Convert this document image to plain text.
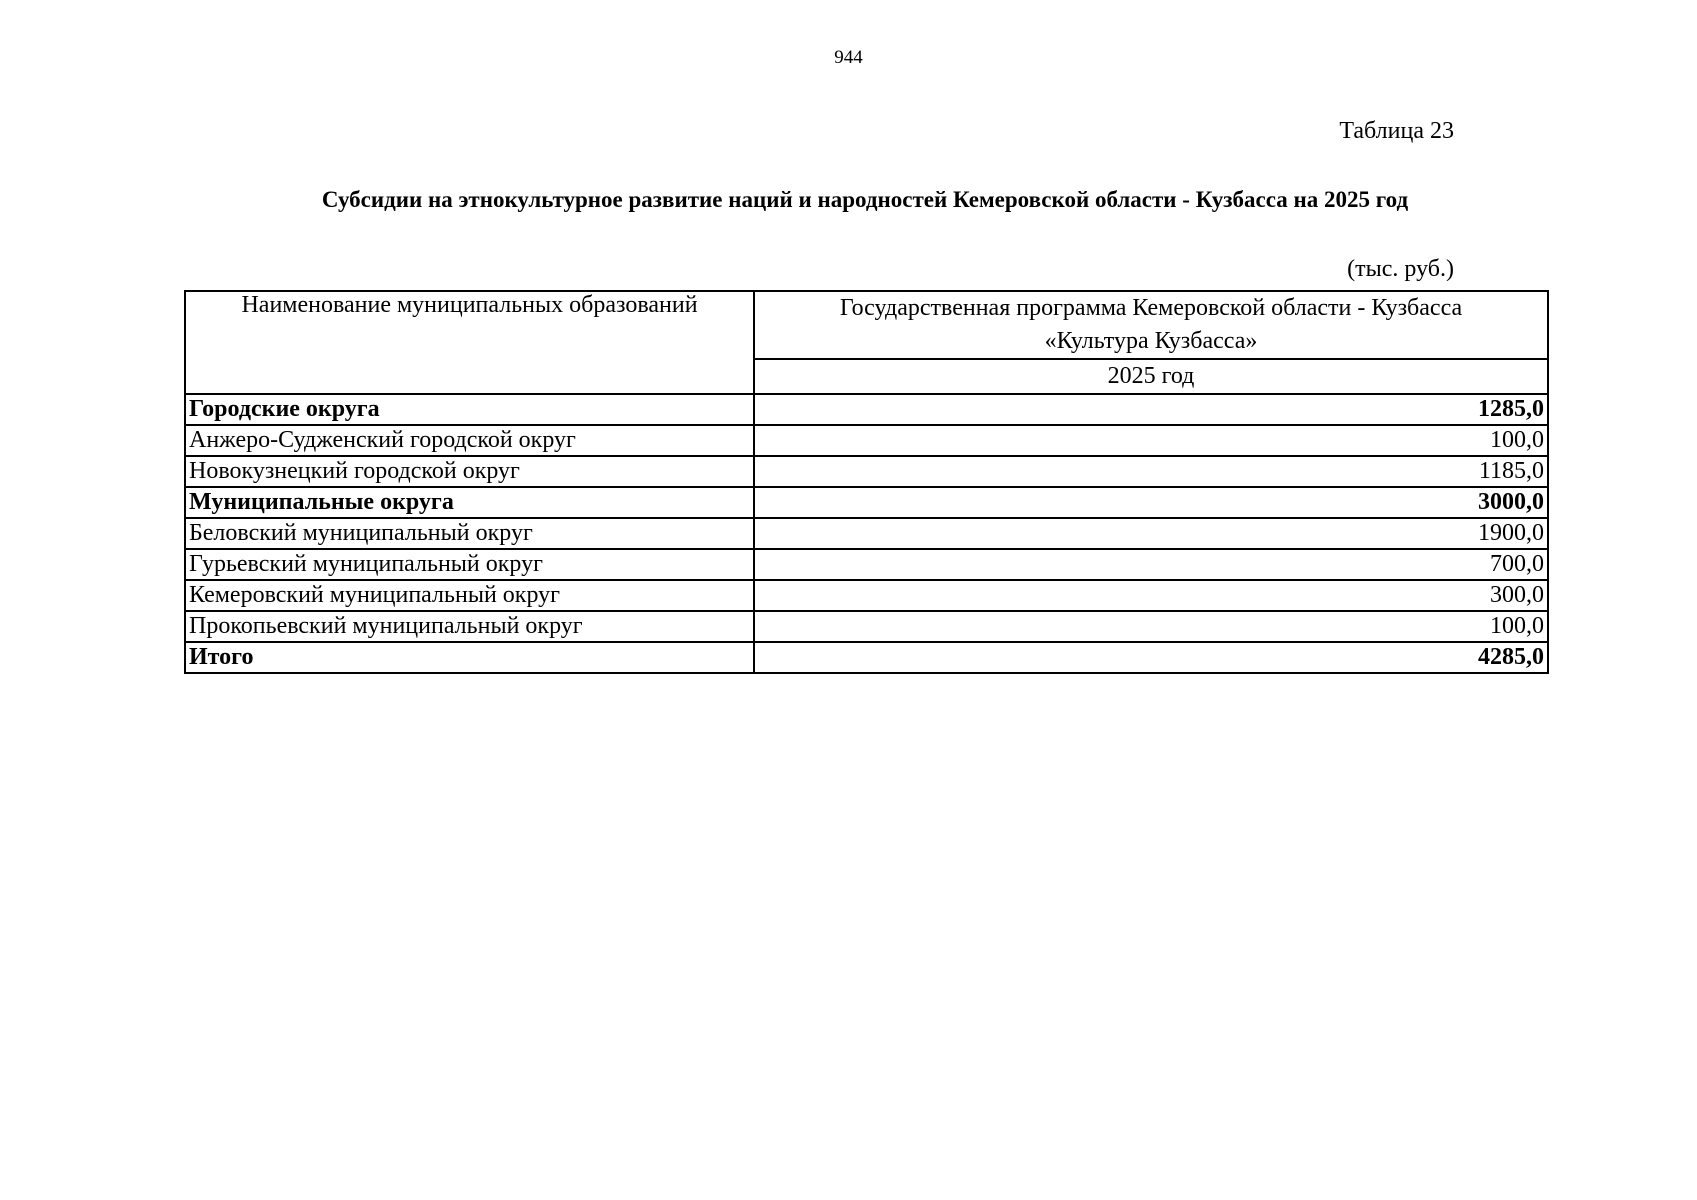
944
Таблица 23
Субсидии на этнокультурное развитие наций и народностей Кемеровской области - Кузбасса на 2025 год
(тыс. руб.)
Наименование муниципальных образований	Государственная программа Кемеровской области - Кузбасса
«Культура Кузбасса»
	2025 год
Городские округа	1285,0
Анжеро-Судженский городской округ	100,0
Новокузнецкий городской округ	1185,0
Муниципальные округа	3000,0
Беловский муниципальный округ	1900,0
Гурьевский муниципальный округ	700,0
Кемеровский муниципальный округ	300,0
Прокопьевский муниципальный округ	100,0
Итого	4285,0
